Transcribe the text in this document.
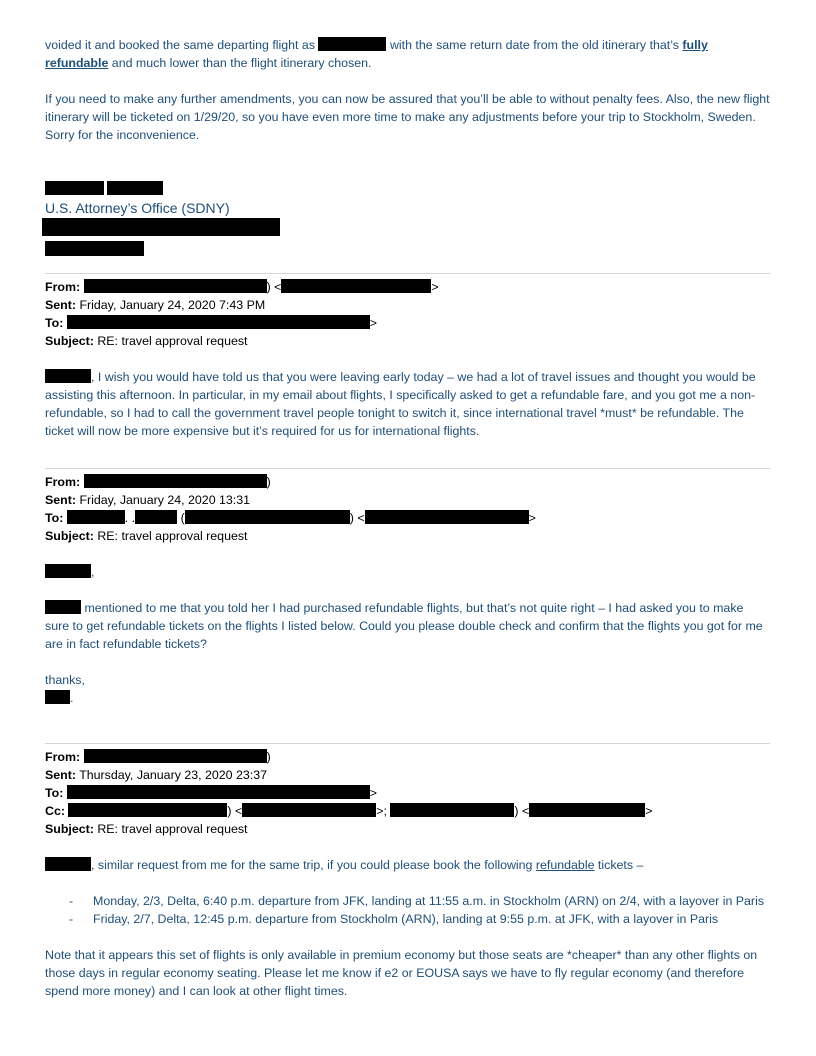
voided it and booked the same departing flight as	with the same return date from the old itinerary that’s fully
refundable and much lower than the flight itinerary chosen.

If you need to make any further amendments, you can now be assured that you’ll be able to without penalty fees. Also, the new flight itinerary will be ticketed on 1/29/20, so you have even more time to make any adjustments before your trip to Stockholm, Sweden. Sorry for the inconvenience.

U.S. Attorney’s Office (SDNY)
From:	) <	>
Sent: Friday, January 24, 2020 7:43 PM
To:	>
Subject: RE: travel approval request

, I wish you would have told us that you were leaving early today – we had a lot of travel issues and thought you would be assisting this afternoon. In particular, in my email about flights, I specifically asked to get a refundable fare, and you got me a non-refundable, so I had to call the government travel people tonight to switch it, since international travel *must* be refundable. The ticket will now be more expensive but it’s required for us for international flights.

From:	)
Sent: Friday, January 24, 2020 13:31
To:	. .	(	) <	>
Subject: RE: travel approval request

,

mentioned to me that you told her I had purchased refundable flights, but that’s not quite right – I had asked you to make sure to get refundable tickets on the flights I listed below. Could you please double check and confirm that the flights you got for me are in fact refundable tickets?

thanks,

.

From:	)
Sent: Thursday, January 23, 2020 23:37
To:	>
Cc:	) <	>;	) <	>
Subject: RE: travel approval request

, similar request from me for the same trip, if you could please book the following refundable tickets –

- Monday, 2/3, Delta, 6:40 p.m. departure from JFK, landing at 11:55 a.m. in Stockholm (ARN) on 2/4, with a layover in Paris
- Friday, 2/7, Delta, 12:45 p.m. departure from Stockholm (ARN), landing at 9:55 p.m. at JFK, with a layover in Paris

Note that it appears this set of flights is only available in premium economy but those seats are *cheaper* than any other flights on those days in regular economy seating. Please let me know if e2 or EOUSA says we have to fly regular economy (and therefore spend more money) and I can look at other flight times.
